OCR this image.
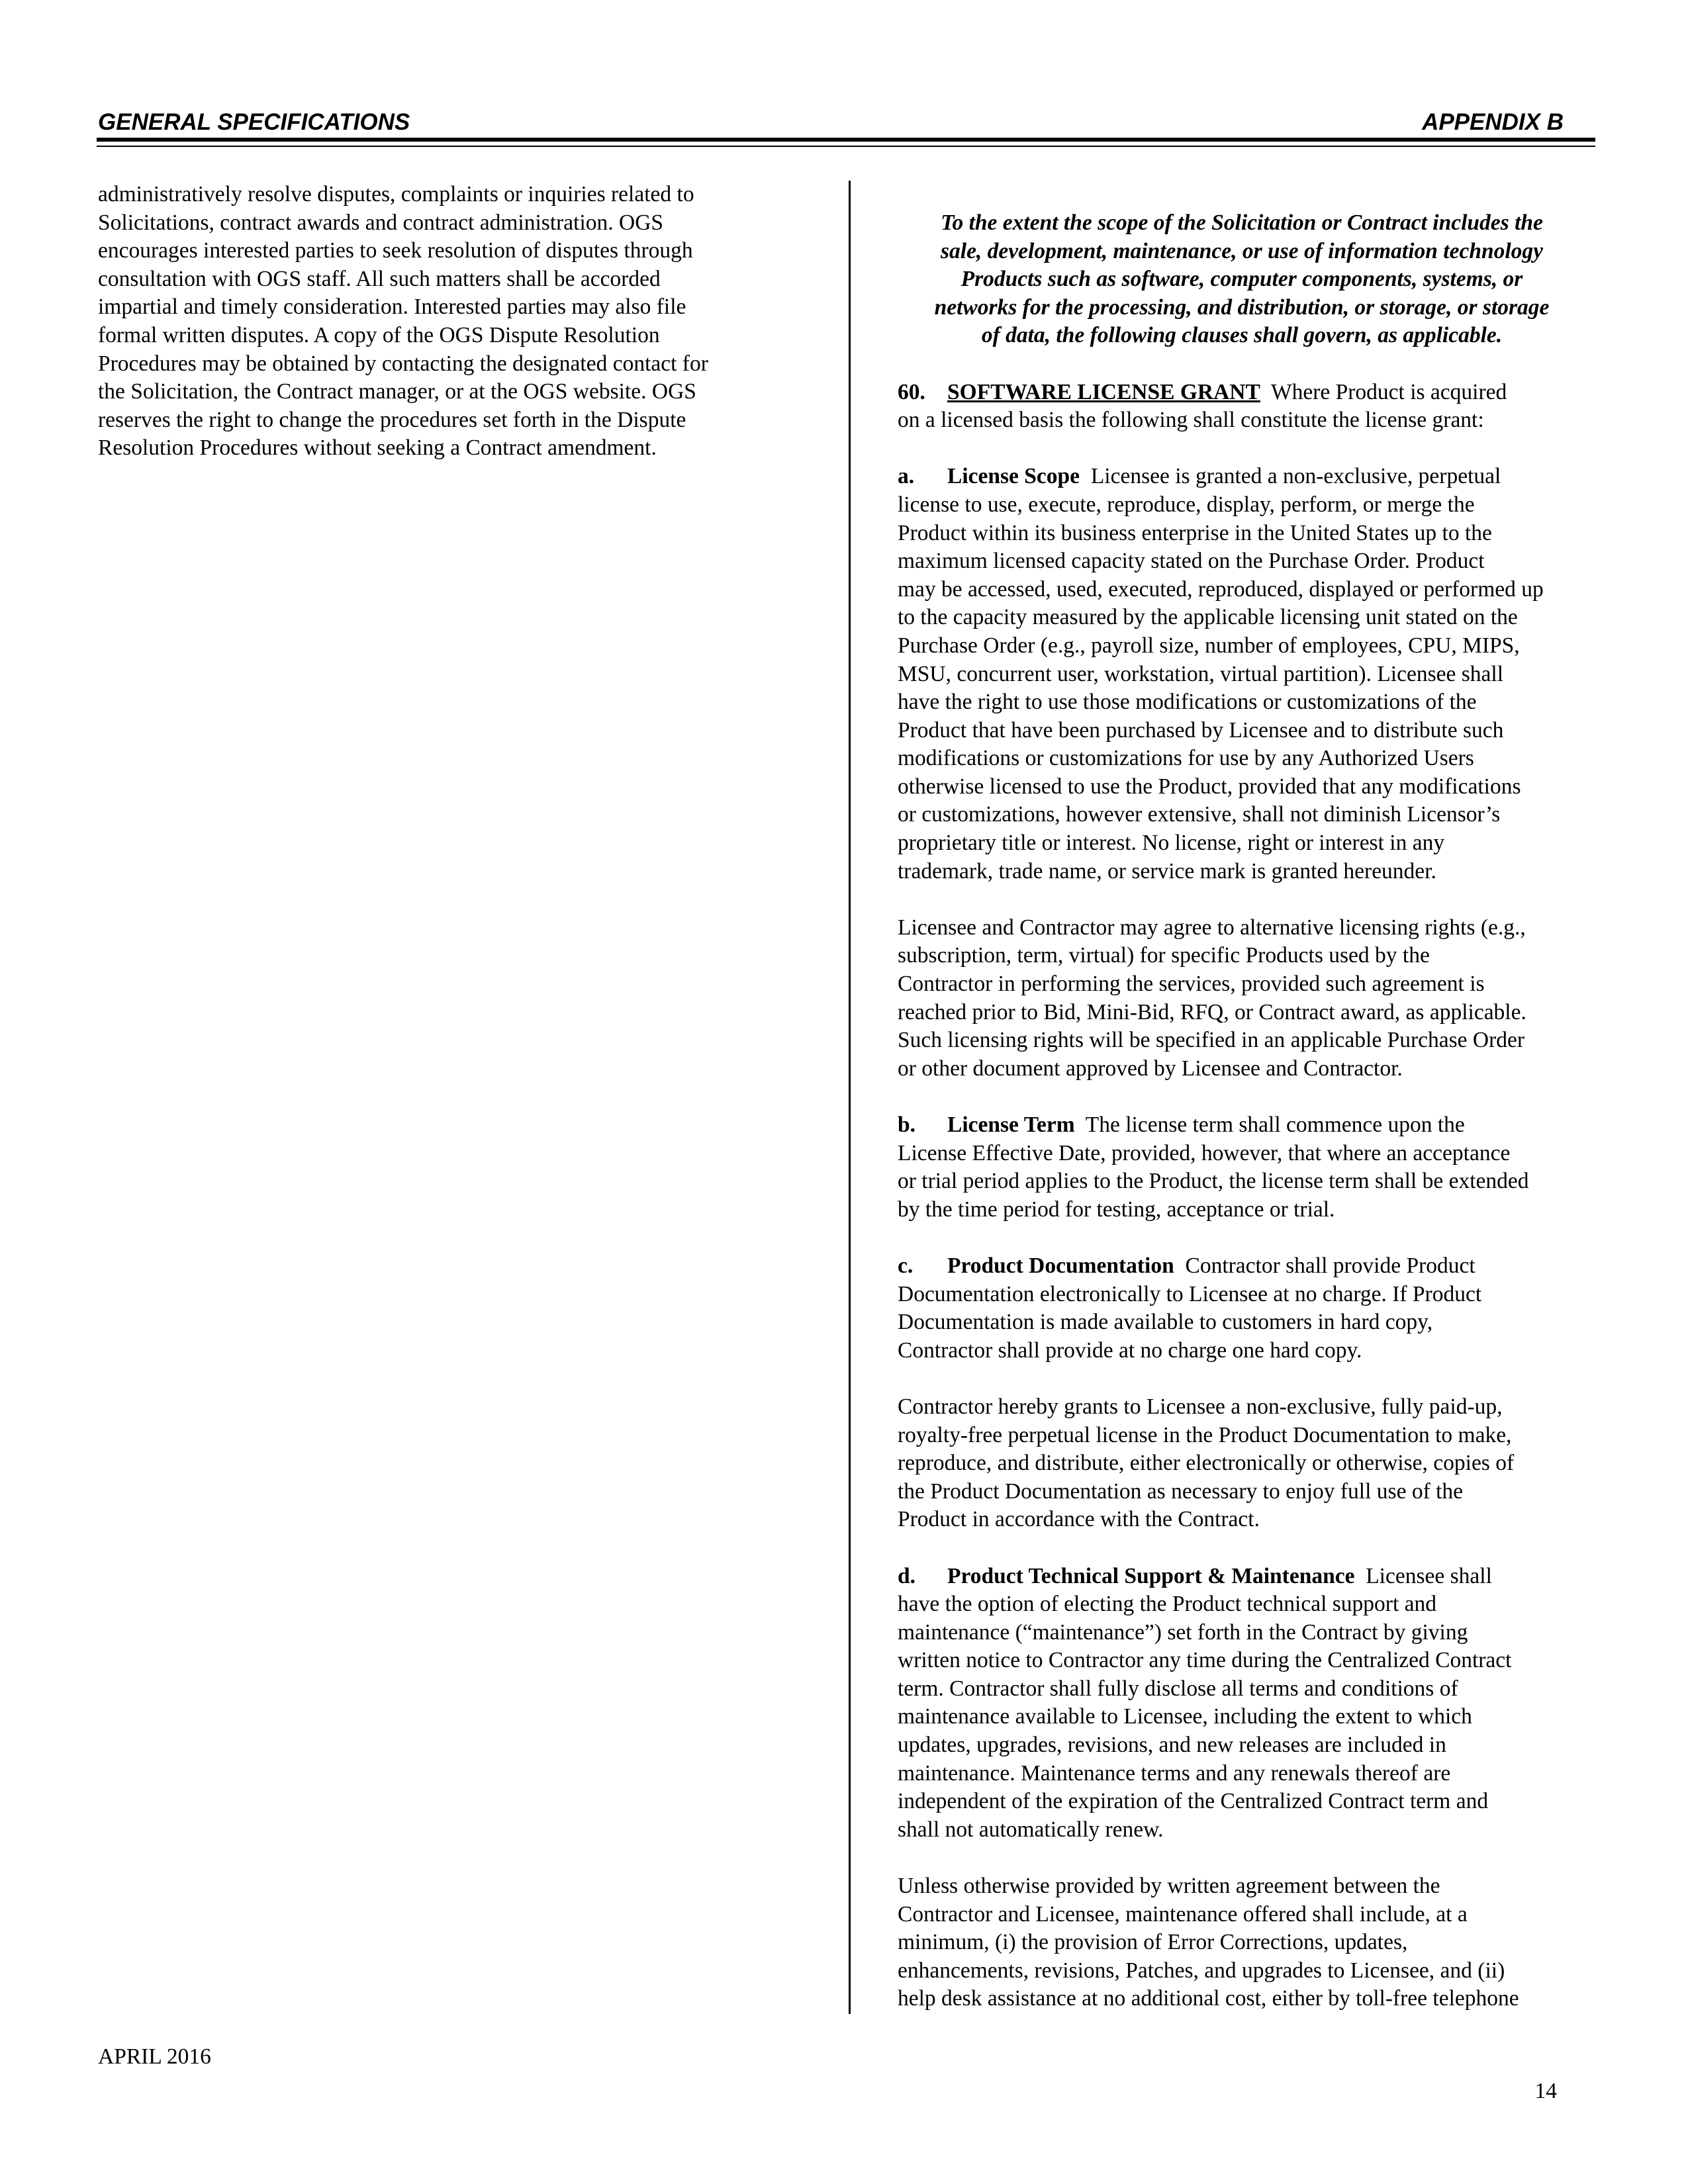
GENERAL SPECIFICATIONS	APPENDIX B

administratively resolve disputes, complaints or inquiries related to

Solicitations, contract awards and contract administration. OGS

encourages interested parties to seek resolution of disputes through

consultation with OGS staff. All such matters shall be accorded

impartial and timely consideration. Interested parties may also file

formal written disputes. A copy of the OGS Dispute Resolution

Procedures may be obtained by contacting the designated contact for

the Solicitation, the Contract manager, or at the OGS website. OGS

reserves the right to change the procedures set forth in the Dispute

Resolution Procedures without seeking a Contract amendment.

To the extent the scope of the Solicitation or Contract includes the

sale, development, maintenance, or use of information technology

Products such as software, computer components, systems, or

networks for the processing, and distribution, or storage, or storage

of data, the following clauses shall govern, as applicable.

60. SOFTWARE LICENSE GRANT Where Product is acquired

on a licensed basis the following shall constitute the license grant:

a. License Scope Licensee is granted a non-exclusive, perpetual

license to use, execute, reproduce, display, perform, or merge the

Product within its business enterprise in the United States up to the

maximum licensed capacity stated on the Purchase Order. Product

may be accessed, used, executed, reproduced, displayed or performed up

to the capacity measured by the applicable licensing unit stated on the

Purchase Order (e.g., payroll size, number of employees, CPU, MIPS,

MSU, concurrent user, workstation, virtual partition). Licensee shall

have the right to use those modifications or customizations of the

Product that have been purchased by Licensee and to distribute such

modifications or customizations for use by any Authorized Users

otherwise licensed to use the Product, provided that any modifications

or customizations, however extensive, shall not diminish Licensor’s

proprietary title or interest. No license, right or interest in any

trademark, trade name, or service mark is granted hereunder.

Licensee and Contractor may agree to alternative licensing rights (e.g.,

subscription, term, virtual) for specific Products used by the

Contractor in performing the services, provided such agreement is

reached prior to Bid, Mini-Bid, RFQ, or Contract award, as applicable.

Such licensing rights will be specified in an applicable Purchase Order

or other document approved by Licensee and Contractor.

b. License Term The license term shall commence upon the

License Effective Date, provided, however, that where an acceptance

or trial period applies to the Product, the license term shall be extended

by the time period for testing, acceptance or trial.

c. Product Documentation Contractor shall provide Product

Documentation electronically to Licensee at no charge. If Product

Documentation is made available to customers in hard copy,

Contractor shall provide at no charge one hard copy.

Contractor hereby grants to Licensee a non-exclusive, fully paid-up,

royalty-free perpetual license in the Product Documentation to make,

reproduce, and distribute, either electronically or otherwise, copies of

the Product Documentation as necessary to enjoy full use of the

Product in accordance with the Contract.

d. Product Technical Support & Maintenance Licensee shall

have the option of electing the Product technical support and

maintenance (“maintenance”) set forth in the Contract by giving

written notice to Contractor any time during the Centralized Contract

term. Contractor shall fully disclose all terms and conditions of

maintenance available to Licensee, including the extent to which

updates, upgrades, revisions, and new releases are included in

maintenance. Maintenance terms and any renewals thereof are

independent of the expiration of the Centralized Contract term and

shall not automatically renew.

Unless otherwise provided by written agreement between the

Contractor and Licensee, maintenance offered shall include, at a

minimum, (i) the provision of Error Corrections, updates,

enhancements, revisions, Patches, and upgrades to Licensee, and (ii)

help desk assistance at no additional cost, either by toll-free telephone

APRIL 2016
14
